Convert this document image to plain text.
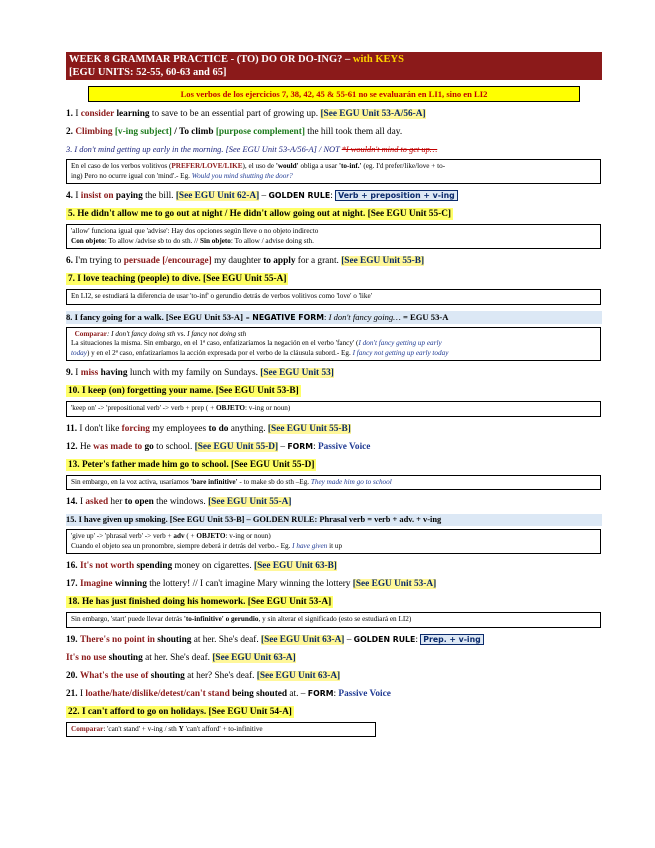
WEEK 8 GRAMMAR PRACTICE - (TO) DO OR DO-ING? – with KEYS
[EGU UNITS: 52-55, 60-63 and 65]
Los verbos de los ejercicios 7, 38, 42, 45 & 55-61 no se evaluarán en LI1, sino en LI2
1. I consider learning to save to be an essential part of growing up. [See EGU Unit 53-A/56-A]
2. Climbing [v-ing subject] / To climb [purpose complement] the hill took them all day.
3. I don't mind getting up early in the morning. [See EGU Unit 53-A/56-A] / NOT *I wouldn't mind to get up…
En el caso de los verbos volitivos (PREFER/LOVE/LIKE), el uso de 'would' obliga a usar 'to-inf.' (eg. I'd prefer/like/love + to-
ing) Pero no ocurre igual con 'mind'.- Eg. Would you mind shutting the door?
4. I insist on paying the bill. [See EGU Unit 62-A] – GOLDEN RULE: Verb + preposition + v-ing
5. He didn't allow me to go out at night / He didn't allow going out at night. [See EGU Unit 55-C]
'allow' funciona igual que 'advise': Hay dos opciones según lleve o no objeto indirecto
Con objeto: To allow /advise sb to do sth. // Sin objeto: To allow / advise doing sth.
6. I'm trying to persuade [/encourage] my daughter to apply for a grant. [See EGU Unit 55-B]
7. I love teaching (people) to dive. [See EGU Unit 55-A]
En LI2, se estudiará la diferencia de usar 'to-inf' o gerundio detrás de verbos volitivos como 'love' o 'like'
8. I fancy going for a walk. [See EGU Unit 53-A] – NEGATIVE FORM: I don't fancy going… = EGU 53-A
Comparar: I don't fancy doing sth vs. I fancy not doing sth
La situaciones la misma. Sin embargo, en el 1ª caso, enfatizaríamos la negación en el verbo 'fancy' (I don't fancy getting up early
today) y en el 2ª caso, enfatizaríamos la acción expresada por el verbo de la cláusula subord.- Eg. I fancy not getting up early today
9. I miss having lunch with my family on Sundays. [See EGU Unit 53]
10. I keep (on) forgetting your name. [See EGU Unit 53-B]
'keep on' -> 'prepositional verb' -> verb + prep ( + OBJETO: v-ing or noun)
11. I don't like forcing my employees to do anything. [See EGU Unit 55-B]
12. He was made to go to school. [See EGU Unit 55-D] – FORM: Passive Voice
13. Peter's father made him go to school. [See EGU Unit 55-D]
Sin embargo, en la voz activa, usaríamos 'bare infinitive' - to make sb do sth –Eg. They made him go to school
14. I asked her to open the windows. [See EGU Unit 55-A]
15. I have given up smoking. [See EGU Unit 53-B] – GOLDEN RULE: Phrasal verb = verb + adv. + v-ing
'give up' -> 'phrasal verb' -> verb + adv ( + OBJETO: v-ing or noun)
Cuando el objeto sea un pronombre, siempre deberá ir detrás del verbo.- Eg. I have given it up
16. It's not worth spending money on cigarettes. [See EGU Unit 63-B]
17. Imagine winning the lottery! // I can't imagine Mary winning the lottery [See EGU Unit 53-A]
18. He has just finished doing his homework. [See EGU Unit 53-A]
Sin embargo, 'start' puede llevar detrás 'to-infinitive' o gerundio, y sin alterar el significado (esto se estudiará en LI2)
19. There's no point in shouting at her. She's deaf. [See EGU Unit 63-A] – GOLDEN RULE: Prep. + v-ing
It's no use shouting at her. She's deaf. [See EGU Unit 63-A]
20. What's the use of shouting at her? She's deaf. [See EGU Unit 63-A]
21. I loathe/hate/dislike/detest/can't stand being shouted at. – FORM: Passive Voice
22. I can't afford to go on holidays. [See EGU Unit 54-A]
Comparar: 'can't stand' + v-ing / sth Y 'can't afford' + to-infinitive
